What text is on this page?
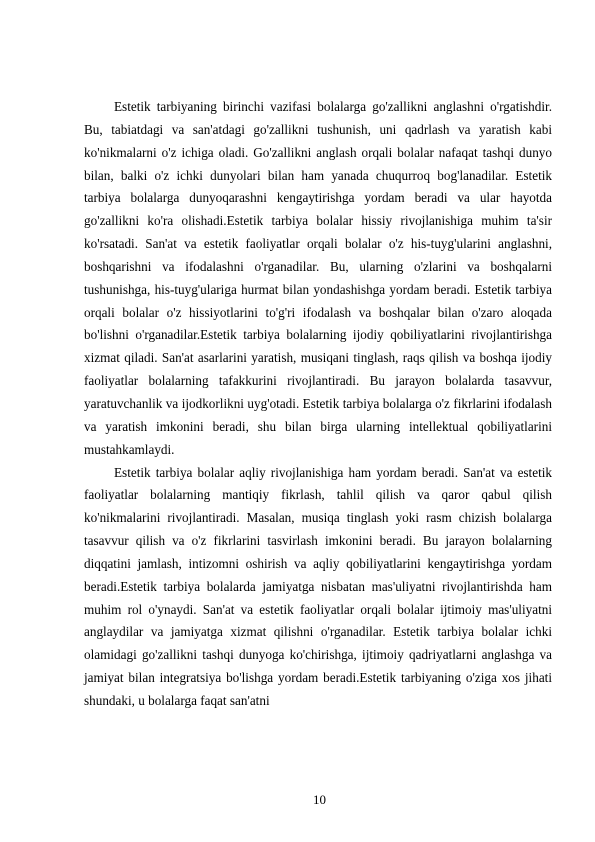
Estetik tarbiyaning birinchi vazifasi bolalarga go'zallikni anglashni o'rgatishdir. Bu, tabiatdagi va san'atdagi go'zallikni tushunish, uni qadrlash va yaratish kabi ko'nikmalarni o'z ichiga oladi. Go'zallikni anglash orqali bolalar nafaqat tashqi dunyo bilan, balki o'z ichki dunyolari bilan ham yanada chuqurroq bog'lanadilar. Estetik tarbiya bolalarga dunyoqarashni kengaytirishga yordam beradi va ular hayotda go'zallikni ko'ra olishadi.Estetik tarbiya bolalar hissiy rivojlanishiga muhim ta'sir ko'rsatadi. San'at va estetik faoliyatlar orqali bolalar o'z his-tuyg'ularini anglashni, boshqarishni va ifodalashni o'rganadilar. Bu, ularning o'zlarini va boshqalarni tushunishga, his-tuyg'ulariga hurmat bilan yondashishga yordam beradi. Estetik tarbiya orqali bolalar o'z hissiyotlarini to'g'ri ifodalash va boshqalar bilan o'zaro aloqada bo'lishni o'rganadilar.Estetik tarbiya bolalarning ijodiy qobiliyatlarini rivojlantirishga xizmat qiladi. San'at asarlarini yaratish, musiqani tinglash, raqs qilish va boshqa ijodiy faoliyatlar bolalarning tafakkurini rivojlantiradi. Bu jarayon bolalarda tasavvur, yaratuvchanlik va ijodkorlikni uyg'otadi. Estetik tarbiya bolalarga o'z fikrlarini ifodalash va yaratish imkonini beradi, shu bilan birga ularning intellektual qobiliyatlarini mustahkamlaydi.

Estetik tarbiya bolalar aqliy rivojlanishiga ham yordam beradi. San'at va estetik faoliyatlar bolalarning mantiqiy fikrlash, tahlil qilish va qaror qabul qilish ko'nikmalarini rivojlantiradi. Masalan, musiqa tinglash yoki rasm chizish bolalarga tasavvur qilish va o'z fikrlarini tasvirlash imkonini beradi. Bu jarayon bolalarning diqqatini jamlash, intizomni oshirish va aqliy qobiliyatlarini kengaytirishga yordam beradi.Estetik tarbiya bolalarda jamiyatga nisbatan mas'uliyatni rivojlantirishda ham muhim rol o'ynaydi. San'at va estetik faoliyatlar orqali bolalar ijtimoiy mas'uliyatni anglaydilar va jamiyatga xizmat qilishni o'rganadilar. Estetik tarbiya bolalar ichki olamidagi go'zallikni tashqi dunyoga ko'chirishga, ijtimoiy qadriyatlarni anglashga va jamiyat bilan integratsiya bo'lishga yordam beradi.Estetik tarbiyaning o'ziga xos jihati shundaki, u bolalarga faqat san'atni

10
